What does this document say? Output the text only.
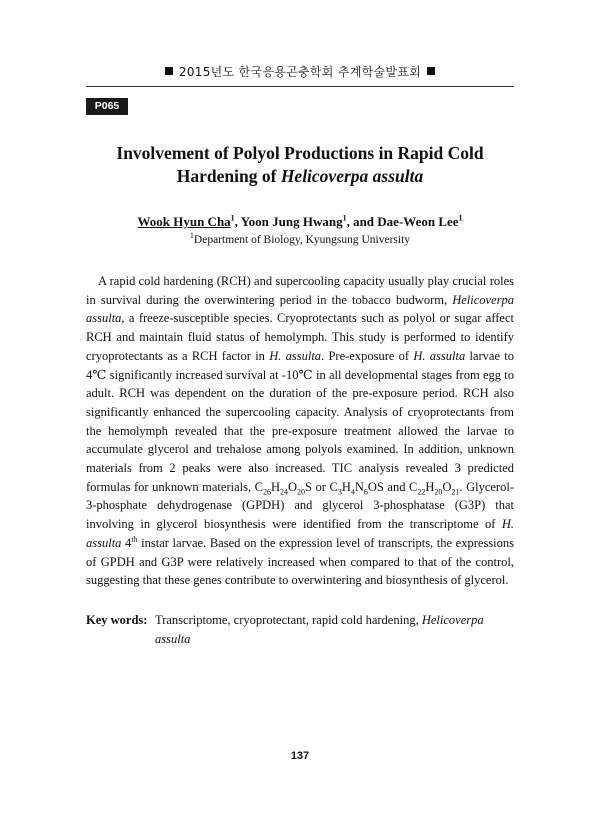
2015년도 한국응용곤충학회 추계학술발표회
P065
Involvement of Polyol Productions in Rapid Cold
Hardening of Helicoverpa assulta
Wook Hyun Cha$^1$, Yoon Jung Hwang$^1$, and Dae-Weon Lee$^1$
$^1$Department of Biology, Kyungsung University

A rapid cold hardening (RCH) and supercooling capacity usually play crucial roles in survival during the overwintering period in the tobacco budworm, Helicoverpa assulta, a freeze-susceptible species. Cryoprotectants such as polyol or sugar affect RCH and maintain fluid status of hemolymph. This study is performed to identify cryoprotectants as a RCH factor in H. assulta. Pre-exposure of H. assulta larvae to 4℃ significantly increased survival at -10℃ in all developmental stages from egg to adult. RCH was dependent on the duration of the pre-exposure period. RCH also significantly enhanced the supercooling capacity. Analysis of cryoprotectants from the hemolymph revealed that the pre-exposure treatment allowed the larvae to accumulate glycerol and trehalose among polyols examined. In addition, unknown materials from 2 peaks were also increased. TIC analysis revealed 3 predicted formulas for unknown materials, $C_{26}H_{24}O_{20}S$ or $C_3H_4N_6OS$ and $C_{22}H_{20}O_{21}$. Glycerol-3-phosphate dehydrogenase (GPDH) and glycerol 3-phosphatase (G3P) that involving in glycerol biosynthesis were identified from the transcriptome of H. assulta 4th instar larvae. Based on the expression level of transcripts, the expressions of GPDH and G3P were relatively increased when compared to that of the control, suggesting that these genes contribute to overwintering and biosynthesis of glycerol.

Key words: Transcriptome, cryoprotectant, rapid cold hardening, Helicoverpa assulta
137
